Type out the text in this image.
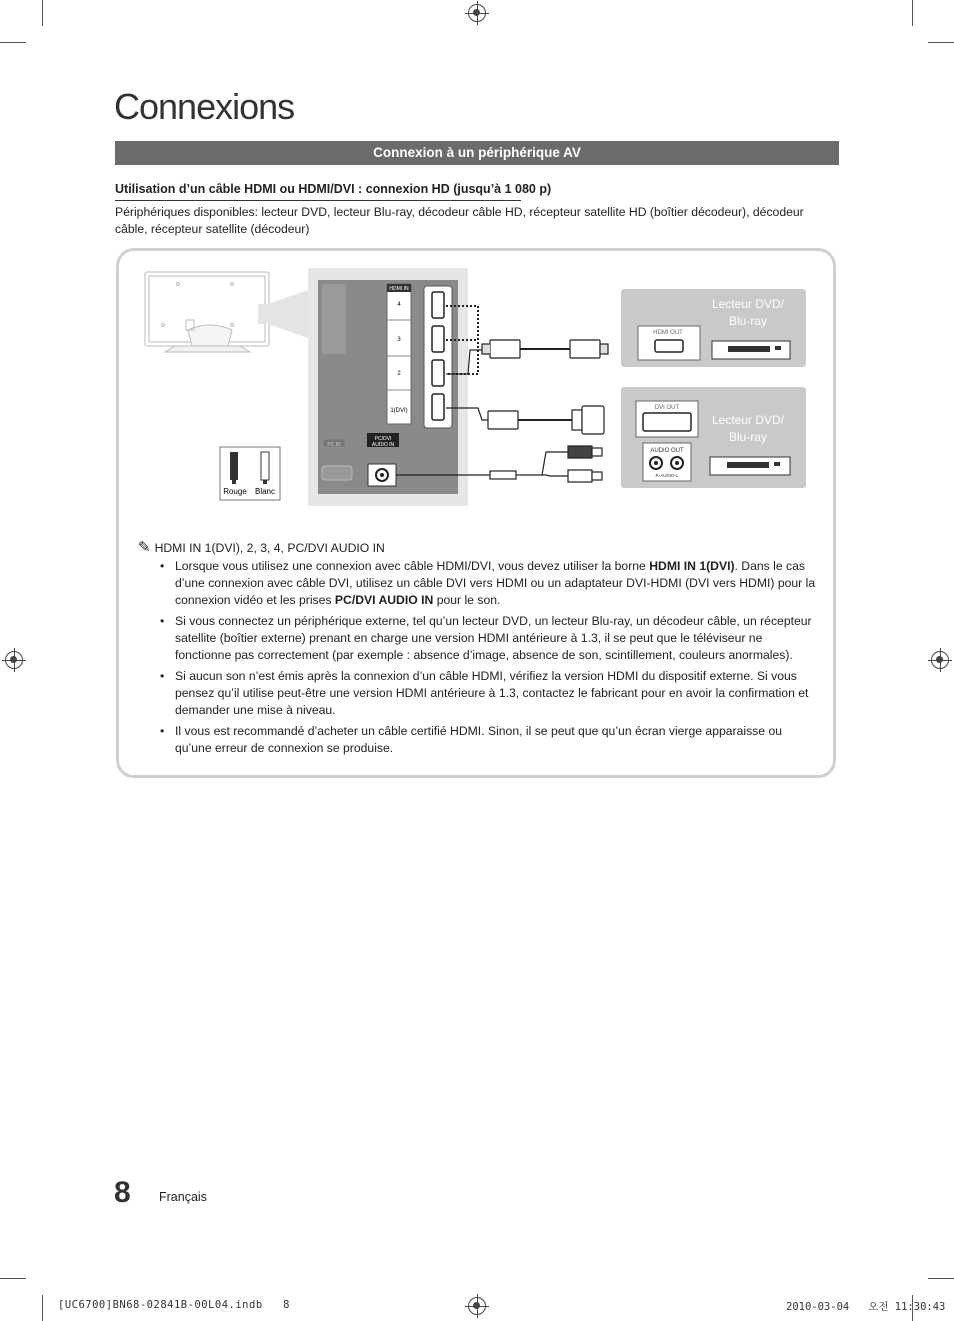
Connexions
Connexion à un périphérique AV
Utilisation d’un câble HDMI ou HDMI/DVI : connexion HD (jusqu’à 1 080 p)
Périphériques disponibles: lecteur DVD, lecteur Blu-ray, décodeur câble HD, récepteur satellite HD (boîtier décodeur), décodeur câble, récepteur satellite (décodeur)
HDMI IN
4
3
2
1(DVI)
PC IN
PC/DVI
AUDIO IN
Rouge Blanc
Lecteur DVD/
Blu-ray
HDMI OUT
Lecteur DVD/
Blu-ray
DVI OUT
AUDIO OUT
R-AUDIO-L
✎ HDMI IN 1(DVI), 2, 3, 4, PC/DVI AUDIO IN
• Lorsque vous utilisez une connexion avec câble HDMI/DVI, vous devez utiliser la borne HDMI IN 1(DVI). Dans le cas d’une connexion avec câble DVI, utilisez un câble DVI vers HDMI ou un adaptateur DVI-HDMI (DVI vers HDMI) pour la connexion vidéo et les prises PC/DVI AUDIO IN pour le son.
• Si vous connectez un périphérique externe, tel qu’un lecteur DVD, un lecteur Blu-ray, un décodeur câble, un récepteur satellite (boîtier externe) prenant en charge une version HDMI antérieure à 1.3, il se peut que le téléviseur ne fonctionne pas correctement (par exemple : absence d’image, absence de son, scintillement, couleurs anormales).
• Si aucun son n’est émis après la connexion d’un câble HDMI, vérifiez la version HDMI du dispositif externe. Si vous pensez qu’il utilise peut-être une version HDMI antérieure à 1.3, contactez le fabricant pour en avoir la confirmation et demander une mise à niveau.
• Il vous est recommandé d’acheter un câble certifié HDMI. Sinon, il se peut que qu’un écran vierge apparaisse ou qu’une erreur de connexion se produise.
8 Français
[UC6700]BN68-02841B-00L04.indb   8	2010-03-04   오전 11:30:43
